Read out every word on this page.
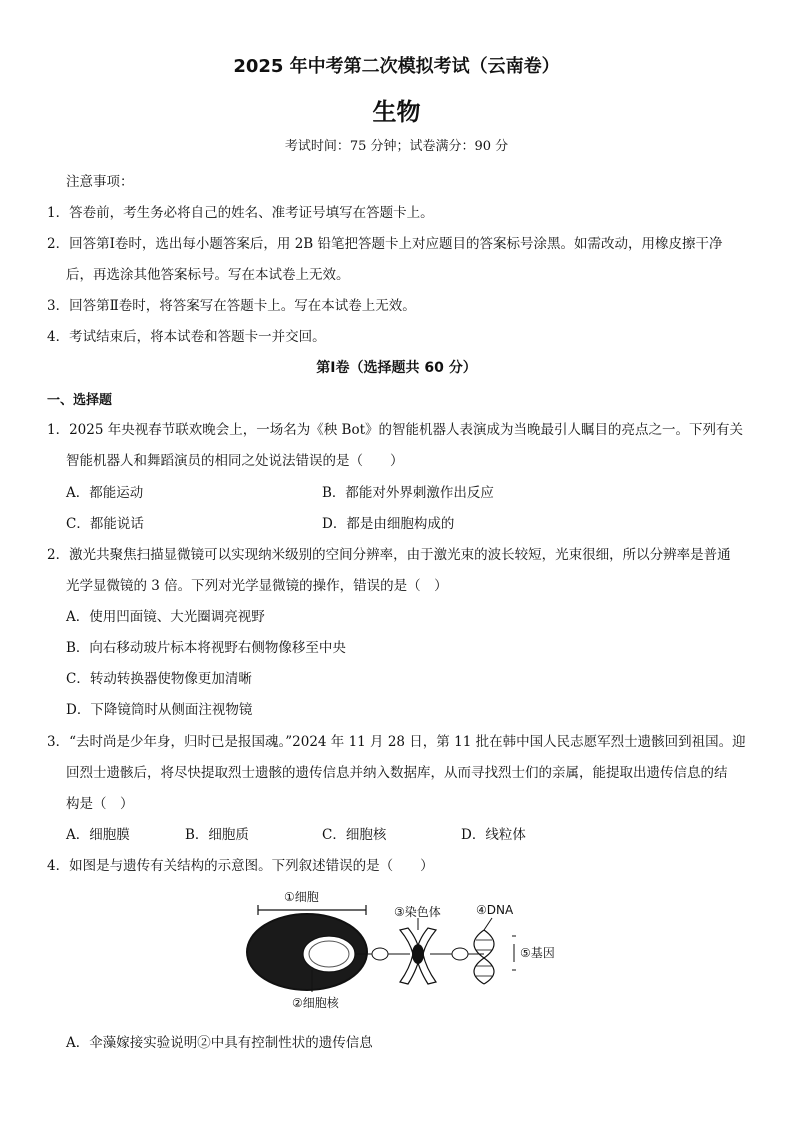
2025 年中考第二次模拟考试（云南卷）
生物
考试时间：75 分钟；试卷满分：90 分
注意事项：
1．答卷前，考生务必将自己的姓名、准考证号填写在答题卡上。
2．回答第Ⅰ卷时，选出每小题答案后，用 2B 铅笔把答题卡上对应题目的答案标号涂黑。如需改动，用橡皮擦干净
后，再选涂其他答案标号。写在本试卷上无效。
3．回答第Ⅱ卷时，将答案写在答题卡上。写在本试卷上无效。
4．考试结束后，将本试卷和答题卡一并交回。
第Ⅰ卷（选择题共 60 分）
一、选择题
1．2025 年央视春节联欢晚会上，一场名为《秧 Bot》的智能机器人表演成为当晚最引人瞩目的亮点之一。下列有关
智能机器人和舞蹈演员的相同之处说法错误的是（　　）
A．都能运动	B．都能对外界刺激作出反应
C．都能说话	D．都是由细胞构成的
2．激光共聚焦扫描显微镜可以实现纳米级别的空间分辨率，由于激光束的波长较短，光束很细，所以分辨率是普通
光学显微镜的 3 倍。下列对光学显微镜的操作，错误的是（　）
A．使用凹面镜、大光圈调亮视野
B．向右移动玻片标本将视野右侧物像移至中央
C．转动转换器使物像更加清晰
D．下降镜筒时从侧面注视物镜
3．“去时尚是少年身，归时已是报国魂。”2024 年 11 月 28 日，第 11 批在韩中国人民志愿军烈士遗骸回到祖国。迎
回烈士遗骸后，将尽快提取烈士遗骸的遗传信息并纳入数据库，从而寻找烈士们的亲属，能提取出遗传信息的结
构是（　）
A．细胞膜	B．细胞质	C．细胞核	D．线粒体
4．如图是与遗传有关结构的示意图。下列叙述错误的是（　　）
①细胞
②细胞核
③染色体	④DNA
⑤基因
A．伞藻嫁接实验说明②中具有控制性状的遗传信息
